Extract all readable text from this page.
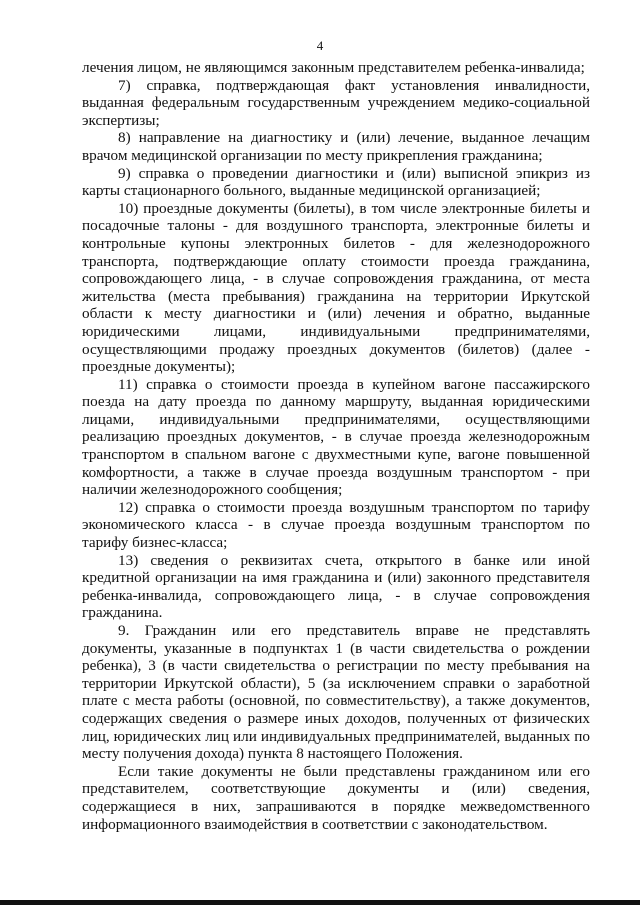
4
лечения лицом, не являющимся законным представителем ребенка-инвалида;
7) справка, подтверждающая факт установления инвалидности,
выданная федеральным государственным учреждением медико-социальной
экспертизы;
8) направление на диагностику и (или) лечение, выданное лечащим
врачом медицинской организации по месту прикрепления гражданина;
9) справка о проведении диагностики и (или) выписной эпикриз из
карты стационарного больного, выданные медицинской организацией;
10) проездные документы (билеты), в том числе электронные билеты и
посадочные талоны - для воздушного транспорта, электронные билеты и
контрольные купоны электронных билетов - для железнодорожного
транспорта, подтверждающие оплату стоимости проезда гражданина,
сопровождающего лица, - в случае сопровождения гражданина, от места
жительства (места пребывания) гражданина на территории Иркутской
области к месту диагностики и (или) лечения и обратно, выданные
юридическими лицами, индивидуальными предпринимателями,
осуществляющими продажу проездных документов (билетов) (далее -
проездные документы);
11) справка о стоимости проезда в купейном вагоне пассажирского
поезда на дату проезда по данному маршруту, выданная юридическими
лицами, индивидуальными предпринимателями, осуществляющими
реализацию проездных документов, - в случае проезда железнодорожным
транспортом в спальном вагоне с двухместными купе, вагоне повышенной
комфортности, а также в случае проезда воздушным транспортом - при
наличии железнодорожного сообщения;
12) справка о стоимости проезда воздушным транспортом по тарифу
экономического класса - в случае проезда воздушным транспортом по
тарифу бизнес-класса;
13) сведения о реквизитах счета, открытого в банке или иной
кредитной организации на имя гражданина и (или) законного представителя
ребенка-инвалида, сопровождающего лица, - в случае сопровождения
гражданина.
9. Гражданин или его представитель вправе не представлять
документы, указанные в подпунктах 1 (в части свидетельства о рождении
ребенка), 3 (в части свидетельства о регистрации по месту пребывания на
территории Иркутской области), 5 (за исключением справки о заработной
плате с места работы (основной, по совместительству), а также документов,
содержащих сведения о размере иных доходов, полученных от физических
лиц, юридических лиц или индивидуальных предпринимателей, выданных по
месту получения дохода) пункта 8 настоящего Положения.
Если такие документы не были представлены гражданином или его
представителем, соответствующие документы и (или) сведения,
содержащиеся в них, запрашиваются в порядке межведомственного
информационного взаимодействия в соответствии с законодательством.
